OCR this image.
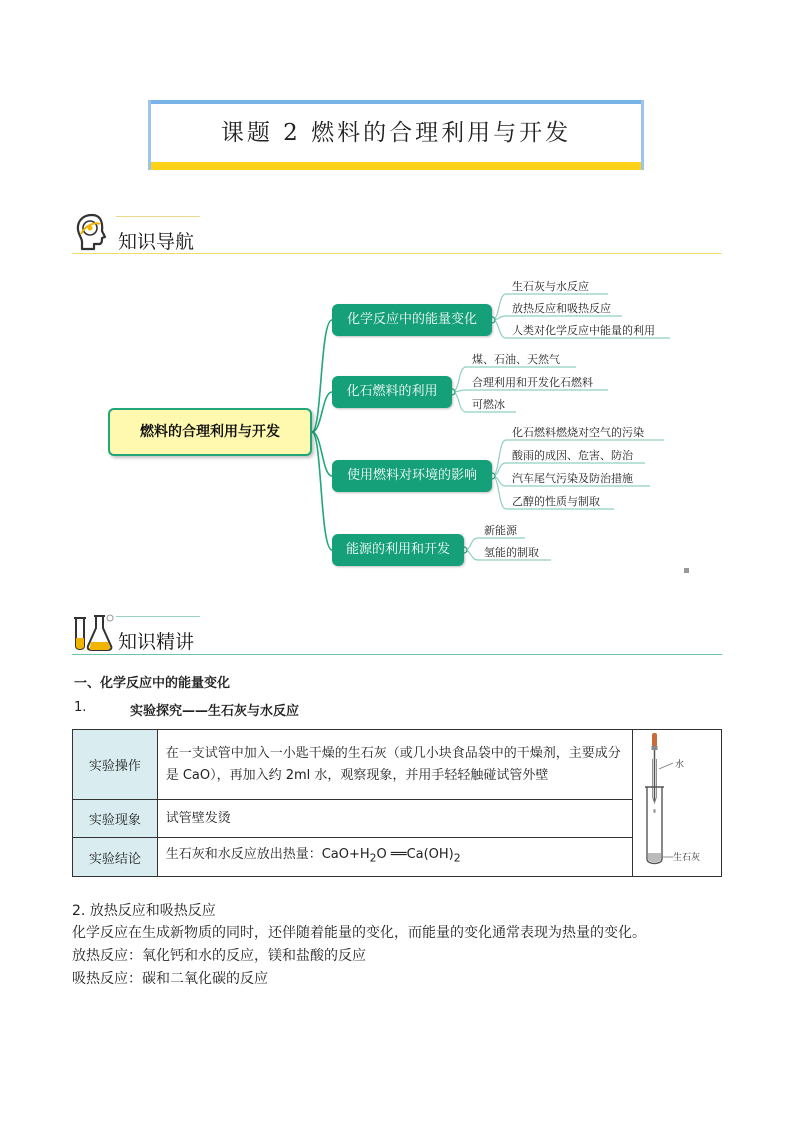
课题 2 燃料的合理利用与开发
知识导航
燃料的合理利用与开发
化学反应中的能量变化
化石燃料的利用
使用燃料对环境的影响
能源的利用和开发
生石灰与水反应
放热反应和吸热反应
人类对化学反应中能量的利用
煤、石油、天然气
合理利用和开发化石燃料
可燃冰
化石燃料燃烧对空气的污染
酸雨的成因、危害、防治
汽车尾气污染及防治措施
乙醇的性质与制取
新能源
氢能的制取
知识精讲
一、化学反应中的能量变化
1.	实验探究——生石灰与水反应
实验操作	在一支试管中加入一小匙干燥的生石灰（或几小块食品袋中的干燥剂，主要成分是 CaO），再加入约 2ml 水，观察现象，并用手轻轻触碰试管外壁	水
生石灰

实验现象	试管壁发烫	
实验结论	生石灰和水反应放出热量：$CaO+H_2O$ $══Ca(OH)_2$
2. 放热反应和吸热反应
化学反应在生成新物质的同时，还伴随着能量的变化，而能量的变化通常表现为热量的变化。
放热反应：氧化钙和水的反应，镁和盐酸的反应
吸热反应：碳和二氧化碳的反应
